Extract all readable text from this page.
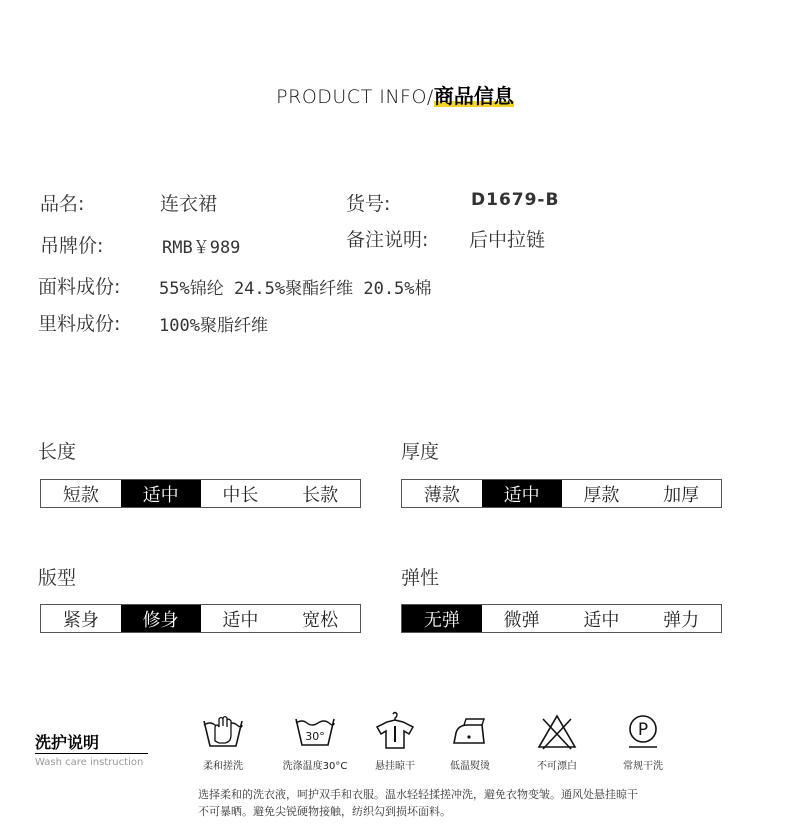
PRODUCT INFO/
商品信息
品名:	连衣裙	货号:	D1679-B
吊牌价:	RMB￥989	备注说明: 后中拉链
面料成份: 55%锦纶 24.5%聚酯纤维 20.5%棉
里料成份: 100%聚脂纤维
长度
短款	适中	中长	长款
厚度
薄款	适中	厚款	加厚
版型
紧身	修身	适中	宽松
弹性
无弹	微弹	适中	弹力
洗护说明
Wash care instruction	柔和搓洗
30°
洗涤温度30°C	悬挂晾干	低温熨烫	不可漂白
P
常规干洗
选择柔和的洗衣液，呵护双手和衣服。温水轻轻揉搓冲洗，避免衣物变皱。通风处悬挂晾干
不可暴晒。避免尖锐硬物接触，纺织勾到损坏面料。
